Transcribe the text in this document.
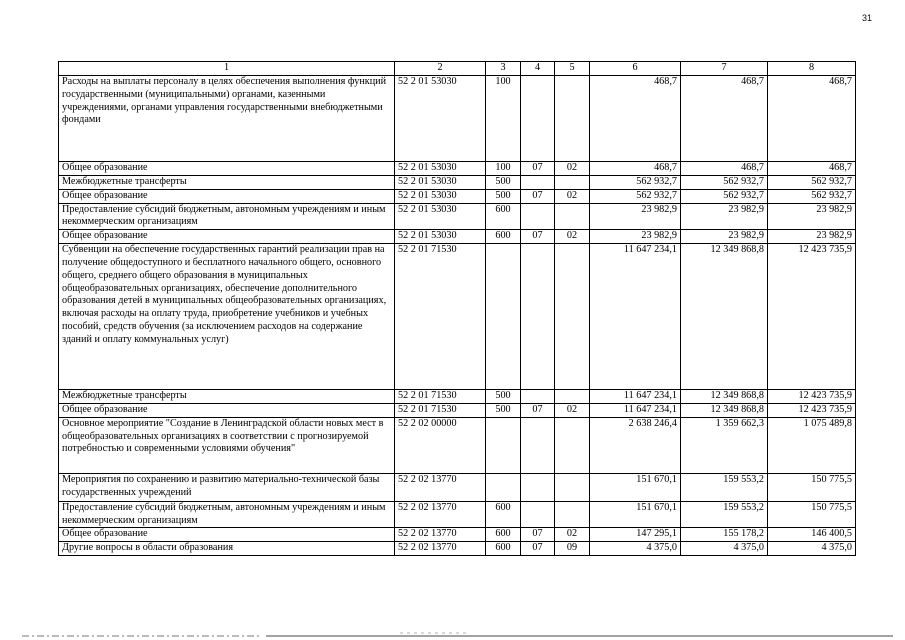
31
1	2	3	4	5	6	7	8
Расходы на выплаты персоналу в целях обеспечения выполнения функций государственными (муниципальными) органами, казенными учреждениями, органами управления государственными внебюджетными фондами	52 2 01 53030	100			468,7	468,7	468,7
Общее образование	52 2 01 53030	100	07	02	468,7	468,7	468,7
Межбюджетные трансферты	52 2 01 53030	500			562 932,7	562 932,7	562 932,7
Общее образование	52 2 01 53030	500	07	02	562 932,7	562 932,7	562 932,7
Предоставление субсидий бюджетным, автономным учреждениям и иным некоммерческим организациям	52 2 01 53030	600			23 982,9	23 982,9	23 982,9
Общее образование	52 2 01 53030	600	07	02	23 982,9	23 982,9	23 982,9
Субвенции на обеспечение государственных гарантий реализации прав на получение общедоступного и бесплатного начального общего, основного общего, среднего общего образования в муниципальных общеобразовательных организациях, обеспечение дополнительного образования детей в муниципальных общеобразовательных организациях, включая расходы на оплату труда, приобретение учебников и учебных пособий, средств обучения (за исключением расходов на содержание зданий и оплату коммунальных услуг)	52 2 01 71530				11 647 234,1	12 349 868,8	12 423 735,9
Межбюджетные трансферты	52 2 01 71530	500			11 647 234,1	12 349 868,8	12 423 735,9
Общее образование	52 2 01 71530	500	07	02	11 647 234,1	12 349 868,8	12 423 735,9
Основное мероприятие "Создание в Ленинградской области новых мест в общеобразовательных организациях в соответствии с прогнозируемой потребностью и современными условиями обучения"	52 2 02 00000				2 638 246,4	1 359 662,3	1 075 489,8
Мероприятия по сохранению и развитию материально-технической базы государственных учреждений	52 2 02 13770				151 670,1	159 553,2	150 775,5
Предоставление субсидий бюджетным, автономным учреждениям и иным некоммерческим организациям	52 2 02 13770	600			151 670,1	159 553,2	150 775,5
Общее образование	52 2 02 13770	600	07	02	147 295,1	155 178,2	146 400,5
Другие вопросы в области образования	52 2 02 13770	600	07	09	4 375,0	4 375,0	4 375,0
